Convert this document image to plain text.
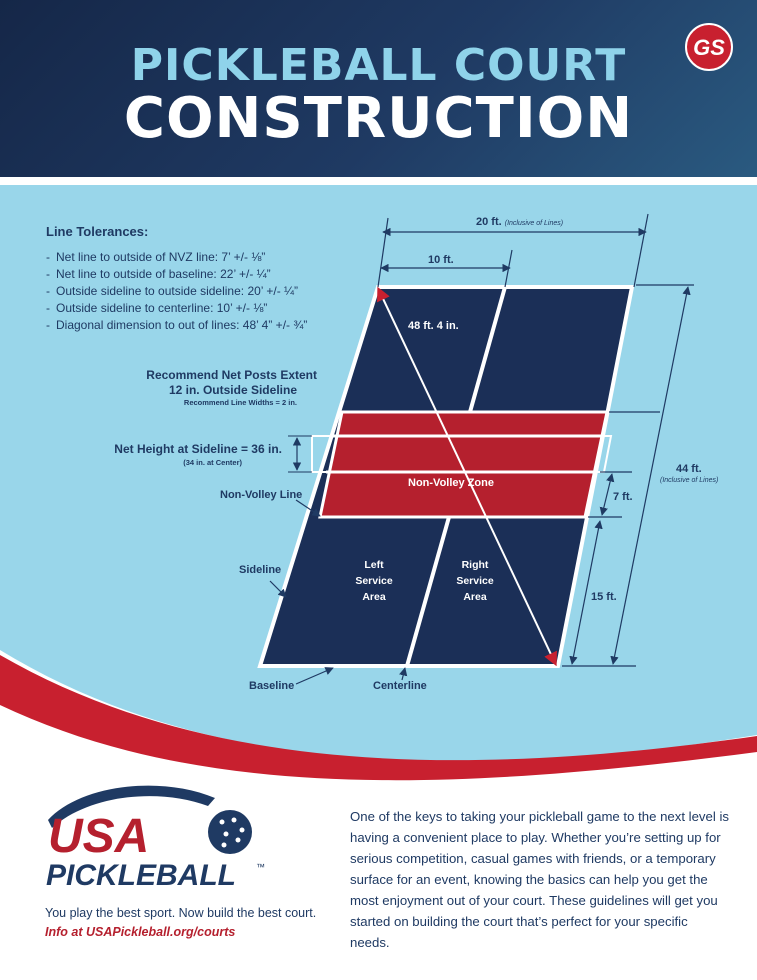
PICKLEBALL COURT
CONSTRUCTION
GS
Line Tolerances:
- Net line to outside of NVZ line: 7’ +/- ⅛”
- Net line to outside of baseline: 22’ +/- ¼”
- Outside sideline to outside sideline: 20’ +/- ¼”
- Outside sideline to centerline: 10’ +/- ⅛”
- Diagonal dimension to out of lines: 48’ 4” +/- ¾”
20 ft. (Inclusive of Lines)
10 ft.
48 ft. 4 in.
Recommend Net Posts Extent
12 in. Outside Sideline
Recommend Line Widths = 2 in.
Net Height at Sideline = 36 in.
(34 in. at Center)
Non-Volley Zone
Non-Volley Line
44 ft.
(Inclusive of Lines)
7 ft.
15 ft.
Left
Service
Area
Right
Service
Area
Sideline
Baseline	Centerline
USA
PICKLEBALL ™
You play the best sport. Now build the best court.
Info at USAPickleball.org/courts
One of the keys to taking your pickleball game to the next level is having a convenient place to play. Whether you’re setting up for serious competition, casual games with friends, or a temporary surface for an event, knowing the basics can help you get the most enjoyment out of your court. These guidelines will get you started on building the court that’s perfect for your specific needs.
